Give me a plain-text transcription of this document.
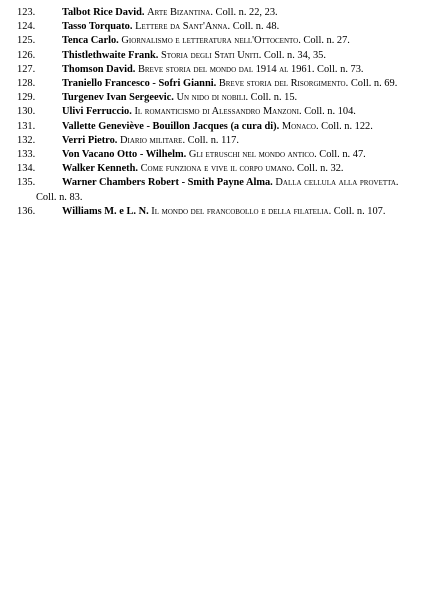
123.	Talbot Rice David. Arte Bizantina. Coll. n. 22, 23.
124.	Tasso Torquato. Lettere da Sant'Anna. Coll. n. 48.
125.	Tenca Carlo. Giornalismo e letteratura nell'Ottocento. Coll. n. 27.
126.	Thistlethwaite Frank. Storia degli Stati Uniti. Coll. n. 34, 35.
127.	Thomson David. Breve storia del mondo dal 1914 al 1961. Coll. n. 73.
128.	Traniello Francesco - Sofri Gianni. Breve storia del Risorgimento. Coll. n. 69.
129.	Turgenev Ivan Sergeevic. Un nido di nobili. Coll. n. 15.
130.	Ulivi Ferruccio. Il romanticismo di Alessandro Manzoni. Coll. n. 104.
131.	Vallette Geneviève - Bouillon Jacques (a cura di). Monaco. Coll. n. 122.
132.	Verri Pietro. Diario militare. Coll. n. 117.
133.	Von Vacano Otto - Wilhelm. Gli etruschi nel mondo antico. Coll. n. 47.
134.	Walker Kenneth. Come funziona e vive il corpo umano. Coll. n. 32.
135.	Warner Chambers Robert - Smith Payne Alma. Dalla cellula alla provetta. Coll. n. 83.
136.	Williams M. e L. N. Il mondo del francobollo e della filatelia. Coll. n. 107.
